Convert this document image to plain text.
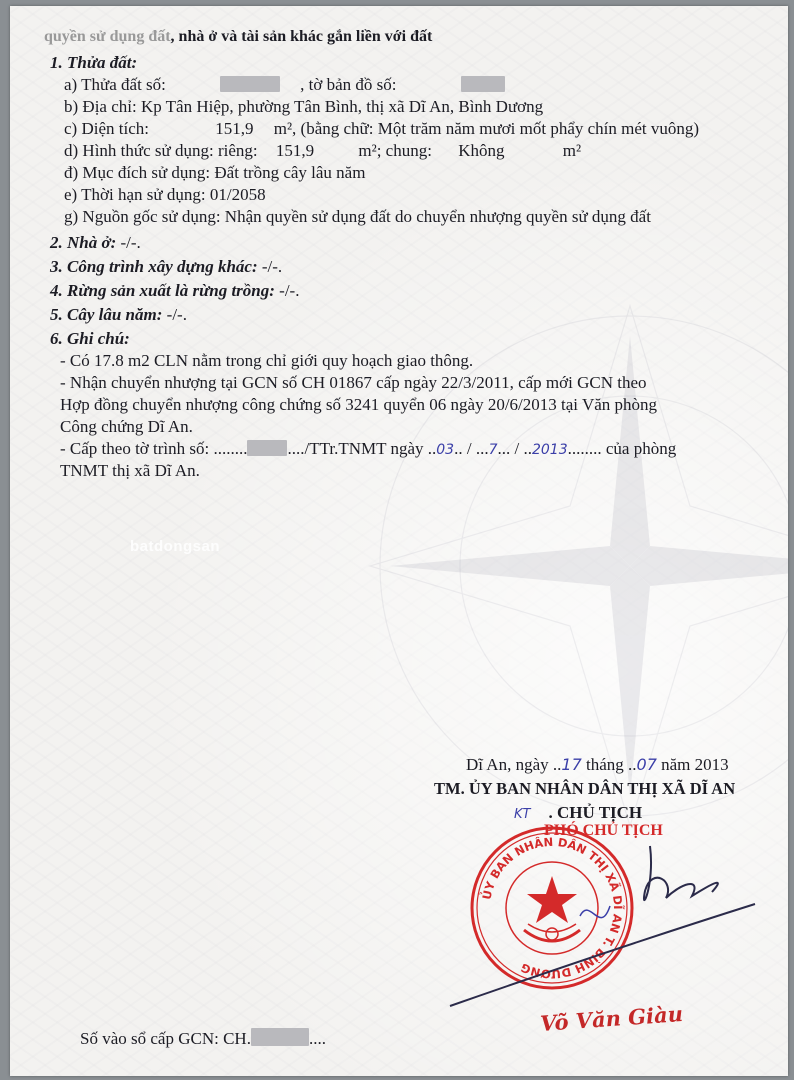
batdongsan
quyền sử dụng đất, nhà ở và tài sản khác gắn liền với đất
1. Thửa đất:
a) Thửa đất số:	, tờ bản đồ số:
b) Địa chỉ: Kp Tân Hiệp, phường Tân Bình, thị xã Dĩ An, Bình Dương
c) Diện tích:	151,9 m², (bằng chữ: Một trăm năm mươi mốt phẩy chín mét vuông)
d) Hình thức sử dụng: riêng: 151,9	m²; chung: Không	m²
đ) Mục đích sử dụng: Đất trồng cây lâu năm
e) Thời hạn sử dụng: 01/2058
g) Nguồn gốc sử dụng: Nhận quyền sử dụng đất do chuyển nhượng quyền sử dụng đất
2. Nhà ở: -/-.
3. Công trình xây dựng khác: -/-.
4. Rừng sản xuất là rừng trồng: -/-.
5. Cây lâu năm: -/-.
6. Ghi chú:
- Có 17.8 m2 CLN nằm trong chỉ giới quy hoạch giao thông.
- Nhận chuyển nhượng tại GCN số CH 01867 cấp ngày 22/3/2011, cấp mới GCN theo
Hợp đồng chuyển nhượng công chứng số 3241 quyển 06 ngày 20/6/2013 tại Văn phòng
Công chứng Dĩ An.
- Cấp theo tờ trình số: ........ ..../TTr.TNMT ngày ..03.. / ...7... / ..2013........ của phòng
TNMT thị xã Dĩ An.
Dĩ An, ngày ..17 tháng ..07 năm 2013
TM. ỦY BAN NHÂN DÂN THỊ XÃ DĨ AN
KT . CHỦ TỊCH
PHÓ CHỦ TỊCH
ỦY BAN NHÂN DÂN THỊ XÃ DĨ AN T. BÌNH DƯƠNG
Võ Văn Giàu
Số vào sổ cấp GCN: CH.	....
